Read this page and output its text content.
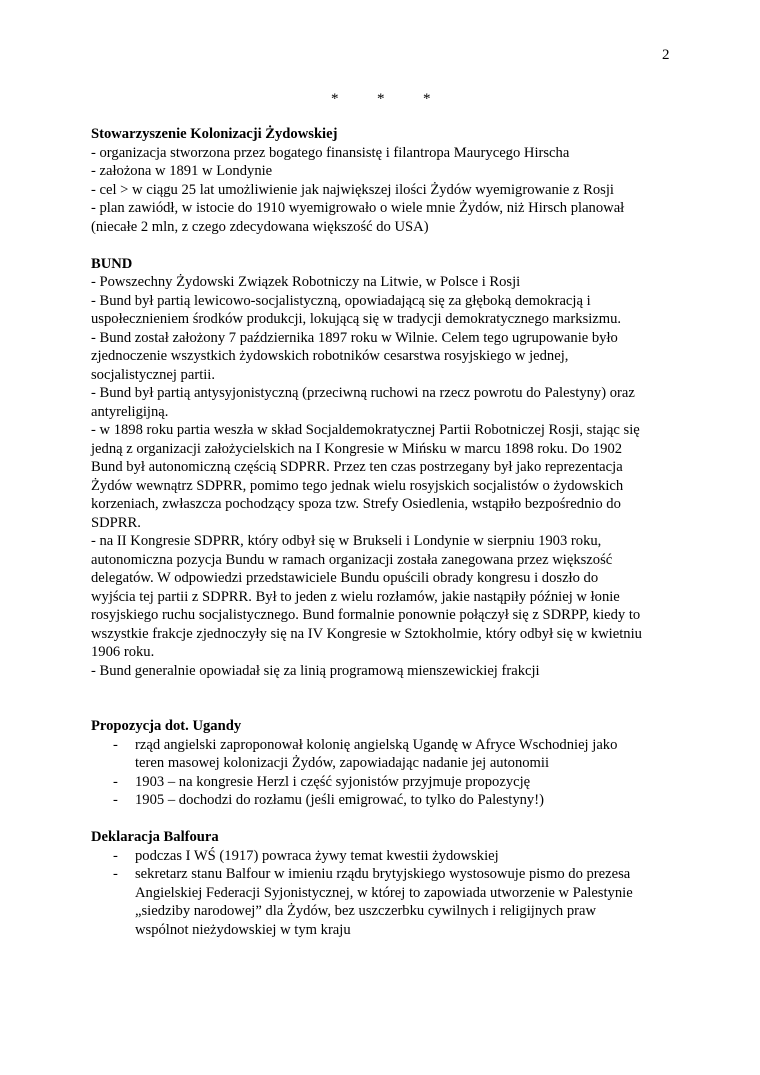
2
*	*	*
Stowarzyszenie Kolonizacji Żydowskiej
- organizacja stworzona przez bogatego finansistę i filantropa Maurycego Hirscha
- założona w 1891 w Londynie
- cel > w ciągu 25 lat umożliwienie jak największej ilości Żydów wyemigrowanie z Rosji
- plan zawiódł, w istocie do 1910 wyemigrowało o wiele mnie Żydów, niż Hirsch planował
(niecałe 2 mln, z czego zdecydowana większość do USA)
BUND
- Powszechny Żydowski Związek Robotniczy na Litwie, w Polsce i Rosji
- Bund był partią lewicowo-socjalistyczną, opowiadającą się za głęboką demokracją i
uspołecznieniem środków produkcji, lokującą się w tradycji demokratycznego marksizmu.
- Bund został założony 7 października 1897 roku w Wilnie. Celem tego ugrupowanie było
zjednoczenie wszystkich żydowskich robotników cesarstwa rosyjskiego w jednej,
socjalistycznej partii.
- Bund był partią antysyjonistyczną (przeciwną ruchowi na rzecz powrotu do Palestyny) oraz
antyreligijną.
- w 1898 roku partia weszła w skład Socjaldemokratycznej Partii Robotniczej Rosji, stając się
jedną z organizacji założycielskich na I Kongresie w Mińsku w marcu 1898 roku. Do 1902
Bund był autonomiczną częścią SDPRR. Przez ten czas postrzegany był jako reprezentacja
Żydów wewnątrz SDPRR, pomimo tego jednak wielu rosyjskich socjalistów o żydowskich
korzeniach, zwłaszcza pochodzący spoza tzw. Strefy Osiedlenia, wstąpiło bezpośrednio do
SDPRR.
- na II Kongresie SDPRR, który odbył się w Brukseli i Londynie w sierpniu 1903 roku,
autonomiczna pozycja Bundu w ramach organizacji została zanegowana przez większość
delegatów. W odpowiedzi przedstawiciele Bundu opuścili obrady kongresu i doszło do
wyjścia tej partii z SDPRR. Był to jeden z wielu rozłamów, jakie nastąpiły później w łonie
rosyjskiego ruchu socjalistycznego. Bund formalnie ponownie połączył się z SDRPP, kiedy to
wszystkie frakcje zjednoczyły się na IV Kongresie w Sztokholmie, który odbył się w kwietniu
1906 roku.
- Bund generalnie opowiadał się za linią programową mienszewickiej frakcji
Propozycja dot. Ugandy
- rząd angielski zaproponował kolonię angielską Ugandę w Afryce Wschodniej jako
teren masowej kolonizacji Żydów, zapowiadając nadanie jej autonomii
- 1903 – na kongresie Herzl i część syjonistów przyjmuje propozycję
- 1905 – dochodzi do rozłamu (jeśli emigrować, to tylko do Palestyny!)
Deklaracja Balfoura
- podczas I WŚ (1917) powraca żywy temat kwestii żydowskiej
- sekretarz stanu Balfour w imieniu rządu brytyjskiego wystosowuje pismo do prezesa
Angielskiej Federacji Syjonistycznej, w której to zapowiada utworzenie w Palestynie
„siedziby narodowej” dla Żydów, bez uszczerbku cywilnych i religijnych praw
wspólnot nieżydowskiej w tym kraju
